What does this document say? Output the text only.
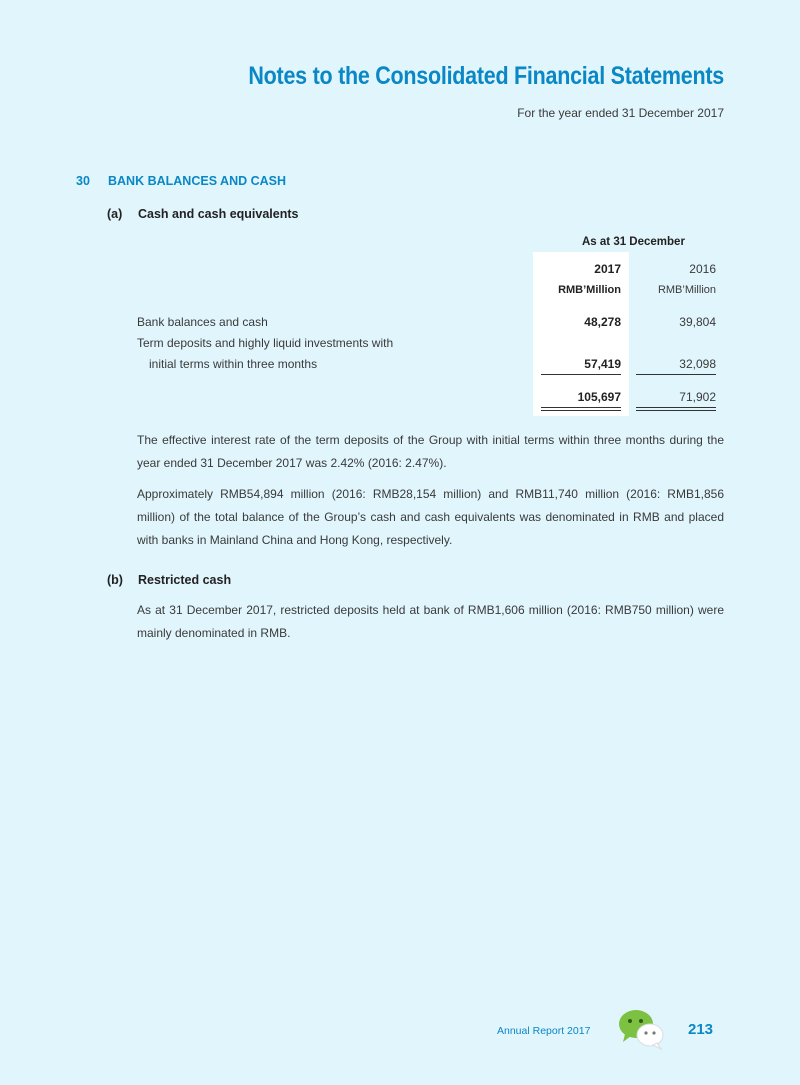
Notes to the Consolidated Financial Statements
For the year ended 31 December 2017
30 BANK BALANCES AND CASH
(a) Cash and cash equivalents
As at 31 December
2017	2016
RMB’Million	RMB’Million
Bank balances and cash	48,278	39,804
Term deposits and highly liquid investments with
initial terms within three months	57,419	32,098
105,697	71,902
The effective interest rate of the term deposits of the Group with initial terms within three months during the year ended 31 December 2017 was 2.42% (2016: 2.47%).
Approximately RMB54,894 million (2016: RMB28,154 million) and RMB11,740 million (2016: RMB1,856 million) of the total balance of the Group’s cash and cash equivalents was denominated in RMB and placed with banks in Mainland China and Hong Kong, respectively.
(b) Restricted cash
As at 31 December 2017, restricted deposits held at bank of RMB1,606 million (2016: RMB750 million) were mainly denominated in RMB.
Annual Report 2017	213
